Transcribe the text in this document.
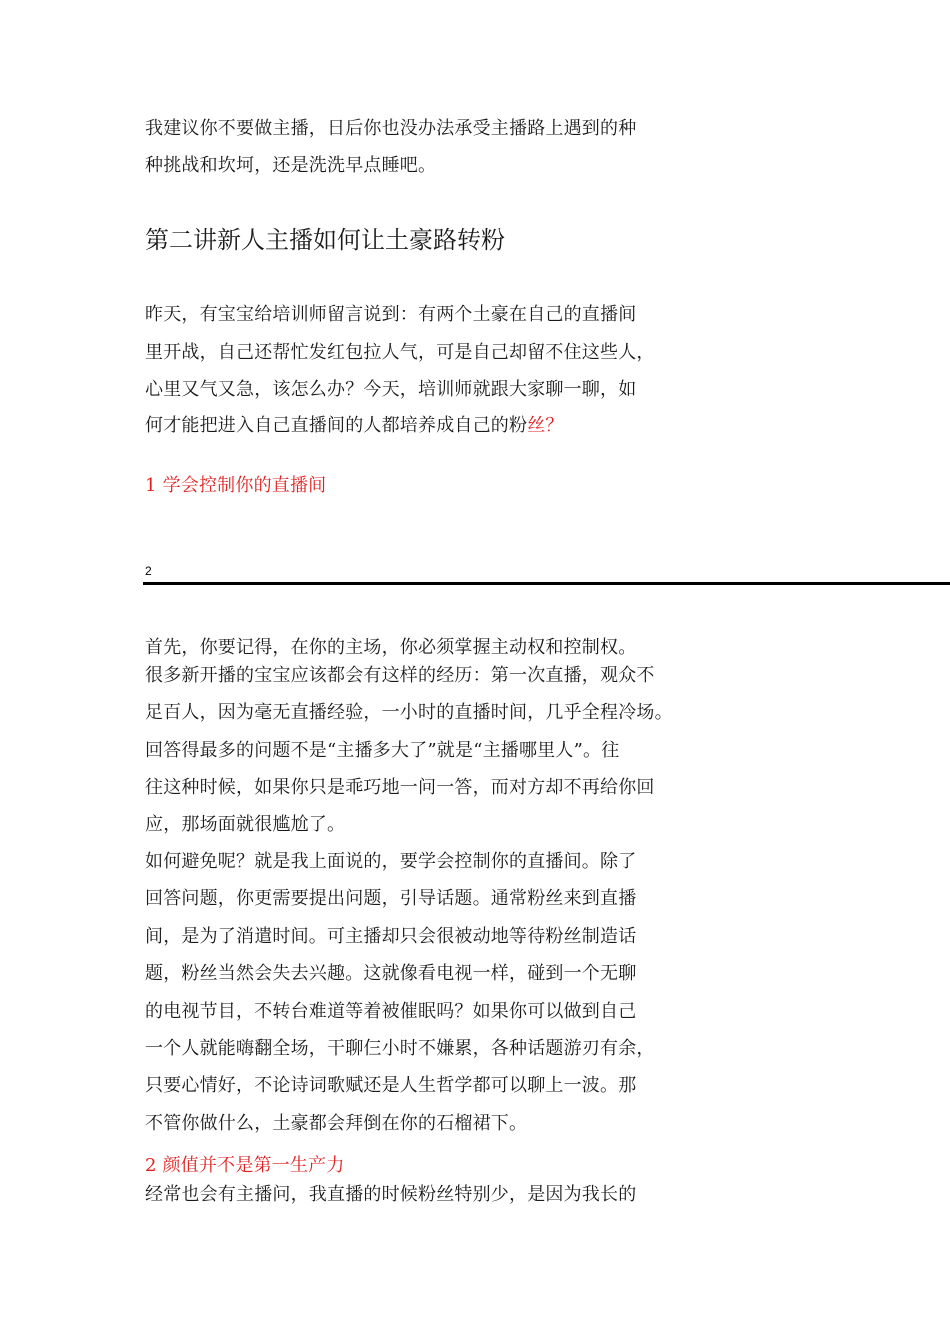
我建议你不要做主播，日后你也没办法承受主播路上遇到的种
种挑战和坎坷，还是洗洗早点睡吧。
第二讲新人主播如何让土豪路转粉
昨天，有宝宝给培训师留言说到：有两个土豪在自己的直播间
里开战，自己还帮忙发红包拉人气，可是自己却留不住这些人，
心里又气又急，该怎么办？今天，培训师就跟大家聊一聊，如
何才能把进入自己直播间的人都培养成自己的粉丝？
1 学会控制你的直播间
2
首先，你要记得，在你的主场，你必须掌握主动权和控制权。
很多新开播的宝宝应该都会有这样的经历：第一次直播，观众不
足百人，因为毫无直播经验，一小时的直播时间，几乎全程冷场。
回答得最多的问题不是“主播多大了”就是“主播哪里人”。往
往这种时候，如果你只是乖巧地一问一答，而对方却不再给你回
应，那场面就很尴尬了。
如何避免呢？就是我上面说的，要学会控制你的直播间。除了
回答问题，你更需要提出问题，引导话题。通常粉丝来到直播
间，是为了消遣时间。可主播却只会很被动地等待粉丝制造话
题，粉丝当然会失去兴趣。这就像看电视一样，碰到一个无聊
的电视节目，不转台难道等着被催眠吗？如果你可以做到自己
一个人就能嗨翻全场，干聊仨小时不嫌累，各种话题游刃有余，
只要心情好，不论诗词歌赋还是人生哲学都可以聊上一波。那
不管你做什么，土豪都会拜倒在你的石榴裙下。
2 颜值并不是第一生产力
经常也会有主播问，我直播的时候粉丝特别少，是因为我长的
